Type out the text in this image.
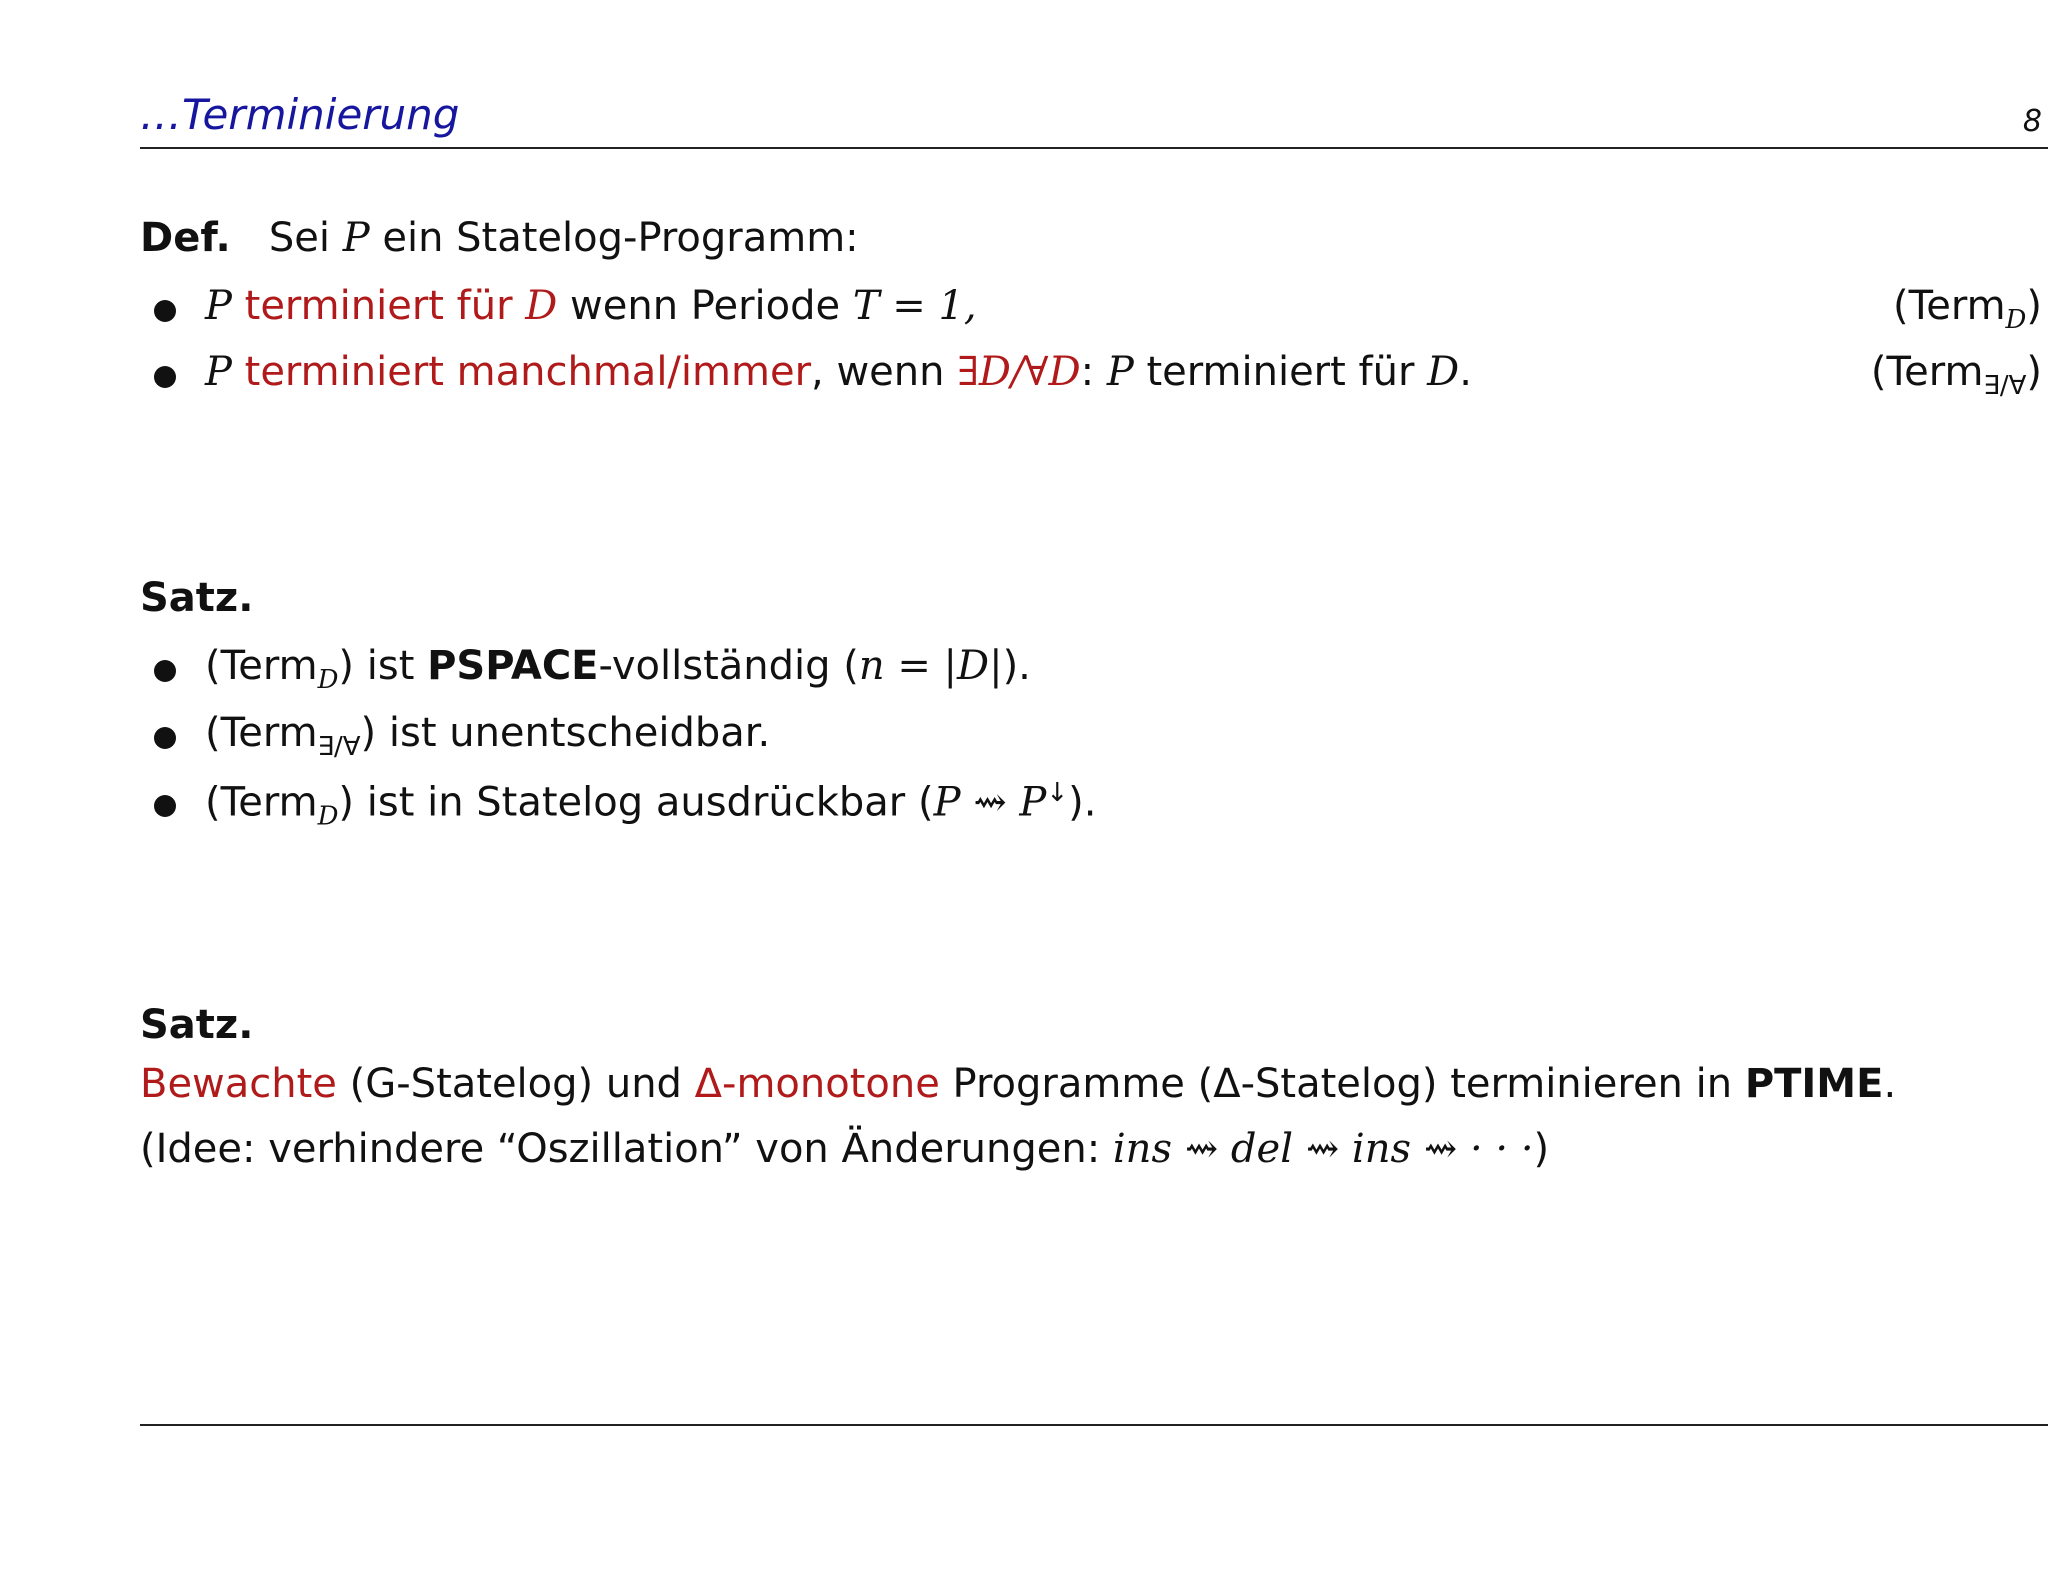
…Terminierung	8
Def. Sei P ein Statelog-Programm:
P terminiert für D wenn Periode T = 1,	(Term$_D$)
P terminiert manchmal/immer, wenn ∃D/∀D: P terminiert für D.	(Term$_{\exists/\forall}$)
Satz.
(Term$_D$) ist PSPACE-vollständig (n = |D|).
(Term$_{\exists/\forall}$) ist unentscheidbar.
(Term$_D$) ist in Statelog ausdrückbar (P ⇝ P↓).
Satz.
Bewachte (G-Statelog) und Δ-monotone Programme (Δ-Statelog) terminieren in PTIME.
(Idee: verhindere “Oszillation” von Änderungen: ins ⇝ del ⇝ ins ⇝ · · ·)
